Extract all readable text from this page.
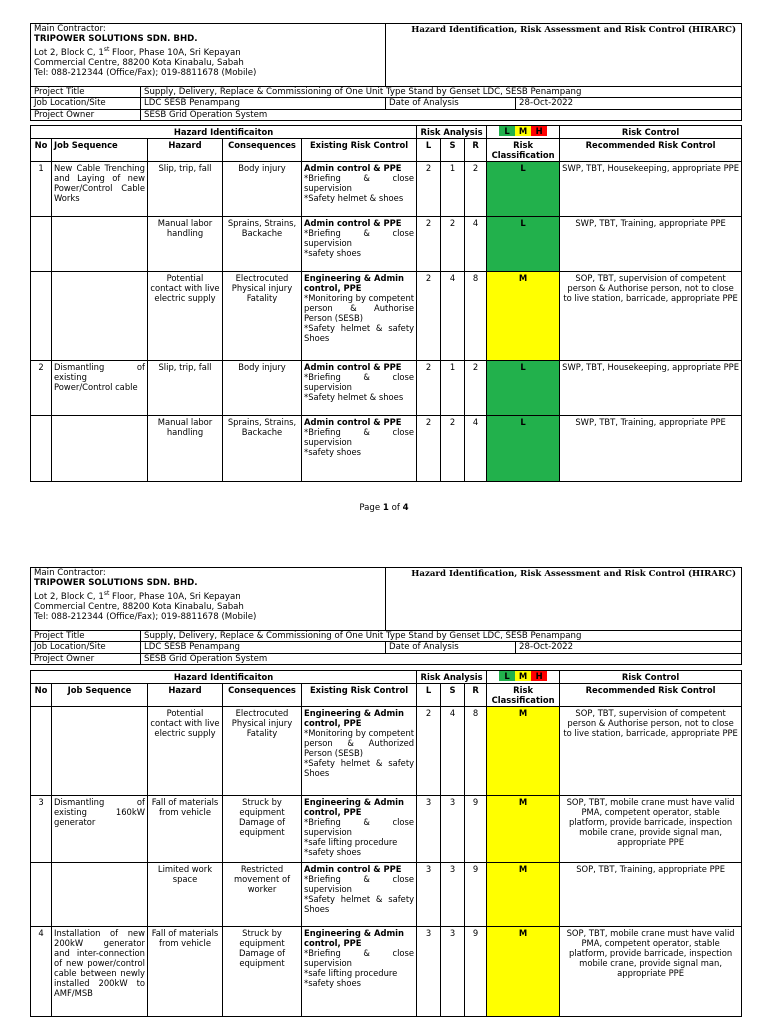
Main Contractor:
TRIPOWER SOLUTIONS SDN. BHD.
Lot 2, Block C, 1st Floor, Phase 10A, Sri Kepayan
Commercial Centre, 88200 Kota Kinabalu, Sabah
Tel: 088-212344 (Office/Fax); 019-8811678 (Mobile)		Hazard Identification, Risk Assessment and Risk Control (HIRARC)	
Project Title	Supply, Delivery, Replace & Commissioning of One Unit Type Stand by Genset LDC, SESB Penampang		
Job Location/Site	LDC SESB Penampang	Date of Analysis	28-Oct-2022
Project Owner	SESB Grid Operation System		
Hazard Identificaiton					Risk Analysis			L M H	Risk Control
No	Job Sequence	Hazard	Consequences	Existing Risk Control	L	S	R	Risk Classification	Recommended Risk Control
1	New Cable Trenching and Laying of new Power/Control Cable Works	Slip, trip, fall	Body injury	Admin control & PPE
*Briefing & close supervision
*Safety helmet & shoes	2	1	2	L	SWP, TBT, Housekeeping, appropriate PPE
		Manual labor handling	Sprains, Strains, Backache	Admin control & PPE
*Briefing & close supervision
*safety shoes	2	2	4	L	SWP, TBT, Training, appropriate PPE
		Potential contact with live electric supply	Electrocuted Physical injury Fatality	Engineering & Admin control, PPE
*Monitoring by competent person & Authorise Person (SESB)
*Safety helmet & safety Shoes	2	4	8	M	SOP, TBT, supervision of competent person & Authorise person, not to close to live station, barricade, appropriate PPE
2	Dismantling of existing Power/Control cable	Slip, trip, fall	Body injury	Admin control & PPE
*Briefing & close supervision
*Safety helmet & shoes	2	1	2	L	SWP, TBT, Housekeeping, appropriate PPE
		Manual labor handling	Sprains, Strains, Backache	Admin control & PPE
*Briefing & close supervision
*safety shoes	2	2	4	L	SWP, TBT, Training, appropriate PPE
Page 1 of 4
Main Contractor:
TRIPOWER SOLUTIONS SDN. BHD.
Lot 2, Block C, 1st Floor, Phase 10A, Sri Kepayan
Commercial Centre, 88200 Kota Kinabalu, Sabah
Tel: 088-212344 (Office/Fax); 019-8811678 (Mobile)		Hazard Identification, Risk Assessment and Risk Control (HIRARC)	
Project Title	Supply, Delivery, Replace & Commissioning of One Unit Type Stand by Genset LDC, SESB Penampang		
Job Location/Site	LDC SESB Penampang	Date of Analysis	28-Oct-2022
Project Owner	SESB Grid Operation System		
Hazard Identificaiton					Risk Analysis			L M H	Risk Control
No	Job Sequence	Hazard	Consequences	Existing Risk Control	L	S	R	Risk Classification	Recommended Risk Control
		Potential contact with live electric supply	Electrocuted Physical injury Fatality	Engineering & Admin control, PPE
*Monitoring by competent person & Authorized Person (SESB)
*Safety helmet & safety Shoes	2	4	8	M	SOP, TBT, supervision of competent person & Authorise person, not to close to live station, barricade, appropriate PPE
3	Dismantling of existing 160kW generator	Fall of materials from vehicle	Struck by equipment Damage of equipment	Engineering & Admin control, PPE
*Briefing & close supervision
*safe lifting procedure
*safety shoes	3	3	9	M	SOP, TBT, mobile crane must have valid PMA, competent operator, stable platform, provide barricade, inspection mobile crane, provide signal man, appropriate PPE
		Limited work space	Restricted movement of worker	Admin control & PPE
*Briefing & close supervision
*Safety helmet & safety Shoes	3	3	9	M	SOP, TBT, Training, appropriate PPE
4	Installation of new 200kW generator and inter-connection of new power/control cable between newly installed 200kW to AMF/MSB	Fall of materials from vehicle	Struck by equipment Damage of equipment	Engineering & Admin control, PPE
*Briefing & close supervision
*safe lifting procedure
*safety shoes	3	3	9	M	SOP, TBT, mobile crane must have valid PMA, competent operator, stable platform, provide barricade, inspection mobile crane, provide signal man, appropriate PPE
